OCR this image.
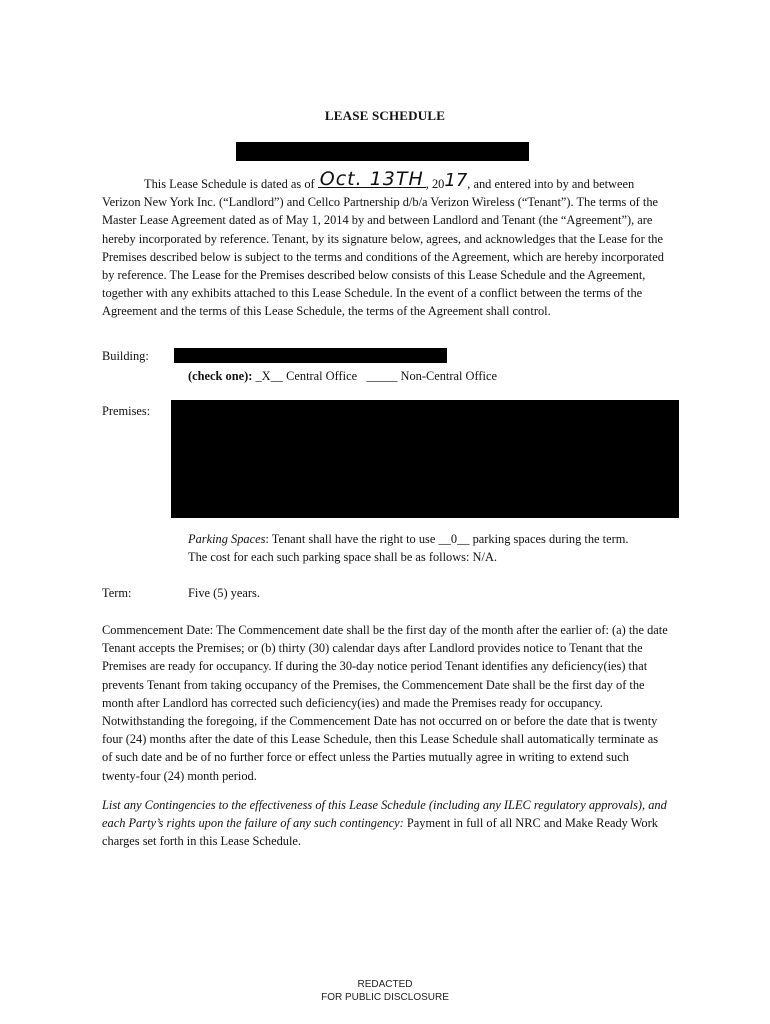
LEASE SCHEDULE
This Lease Schedule is dated as of Oct. 13TH , 2017, and entered into by and between Verizon New York Inc. (“Landlord”) and Cellco Partnership d/b/a Verizon Wireless (“Tenant”). The terms of the Master Lease Agreement dated as of May 1, 2014 by and between Landlord and Tenant (the “Agreement”), are hereby incorporated by reference. Tenant, by its signature below, agrees, and acknowledges that the Lease for the Premises described below is subject to the terms and conditions of the Agreement, which are hereby incorporated by reference. The Lease for the Premises described below consists of this Lease Schedule and the Agreement, together with any exhibits attached to this Lease Schedule. In the event of a conflict between the terms of the Agreement and the terms of this Lease Schedule, the terms of the Agreement shall control.
Building:
(check one): _X__ Central Office _____ Non-Central Office
Premises:
Parking Spaces: Tenant shall have the right to use __0__ parking spaces during the term.
The cost for each such parking space shall be as follows: N/A.
Term:	Five (5) years.
Commencement Date: The Commencement date shall be the first day of the month after the earlier of: (a) the date Tenant accepts the Premises; or (b) thirty (30) calendar days after Landlord provides notice to Tenant that the Premises are ready for occupancy. If during the 30-day notice period Tenant identifies any deficiency(ies) that prevents Tenant from taking occupancy of the Premises, the Commencement Date shall be the first day of the month after Landlord has corrected such deficiency(ies) and made the Premises ready for occupancy. Notwithstanding the foregoing, if the Commencement Date has not occurred on or before the date that is twenty four (24) months after the date of this Lease Schedule, then this Lease Schedule shall automatically terminate as of such date and be of no further force or effect unless the Parties mutually agree in writing to extend such twenty-four (24) month period.
List any Contingencies to the effectiveness of this Lease Schedule (including any ILEC regulatory approvals), and each Party’s rights upon the failure of any such contingency: Payment in full of all NRC and Make Ready Work charges set forth in this Lease Schedule.
REDACTED
FOR PUBLIC DISCLOSURE
